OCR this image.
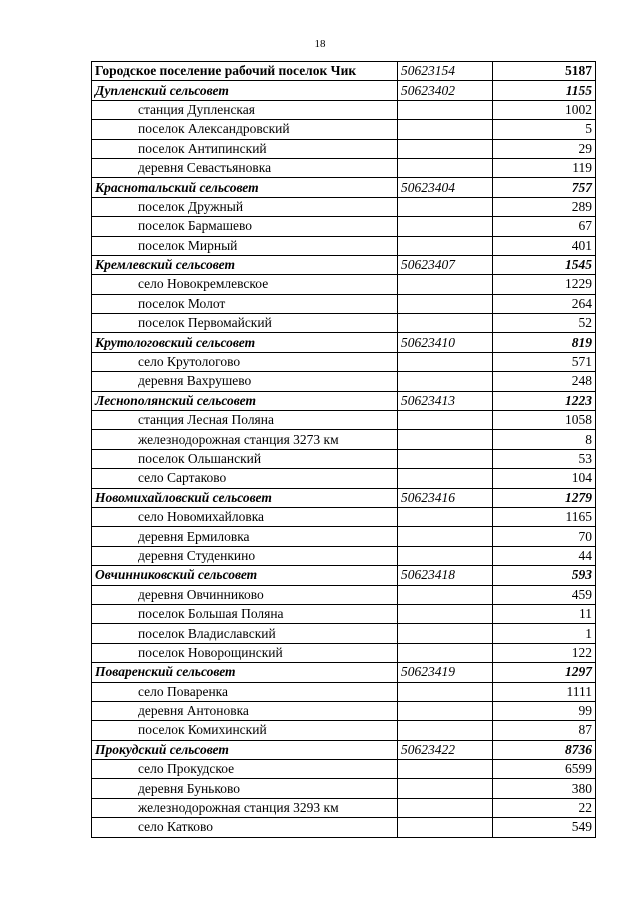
18
Городское поселение рабочий поселок Чик	50623154	5187
Дупленский сельсовет	50623402	1155
станция Дупленская		1002
поселок Александровский		5
поселок Антипинский		29
деревня Севастьяновка		119
Краснотальский сельсовет	50623404	757
поселок Дружный		289
поселок Бармашево		67
поселок Мирный		401
Кремлевский сельсовет	50623407	1545
село Новокремлевское		1229
поселок Молот		264
поселок Первомайский		52
Крутологовский сельсовет	50623410	819
село Крутологово		571
деревня Вахрушево		248
Леснополянский сельсовет	50623413	1223
станция Лесная Поляна		1058
железнодорожная станция 3273 км		8
поселок Ольшанский		53
село Сартаково		104
Новомихайловский сельсовет	50623416	1279
село Новомихайловка		1165
деревня Ермиловка		70
деревня Студенкино		44
Овчинниковский сельсовет	50623418	593
деревня Овчинниково		459
поселок Большая Поляна		11
поселок Владиславский		1
поселок Новорощинский		122
Поваренский сельсовет	50623419	1297
село Поваренка		1111
деревня Антоновка		99
поселок Комихинский		87
Прокудский сельсовет	50623422	8736
село Прокудское		6599
деревня Буньково		380
железнодорожная станция 3293 км		22
село Катково		549
